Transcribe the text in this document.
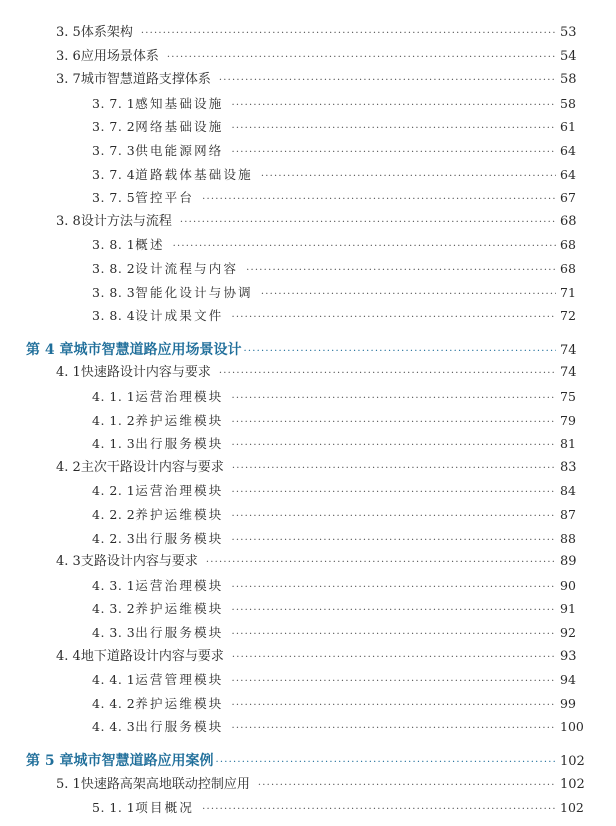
3. 5 体系架构 ·····	53
3. 6 应用场景体系 ·····	54
3. 7 城市智慧道路支撑体系 ·····	58
3. 7. 1 感知基础设施 ·····	58
3. 7. 2 网络基础设施 ·····	61
3. 7. 3 供电能源网络 ·····	64
3. 7. 4 道路载体基础设施 ·····	64
3. 7. 5 管控平台 ·····	67
3. 8 设计方法与流程 ·····	68
3. 8. 1 概述 ·····	68
3. 8. 2 设计流程与内容 ·····	68
3. 8. 3 智能化设计与协调 ·····	71
3. 8. 4 设计成果文件 ·····	72
第 4 章 城市智慧道路应用场景设计 ·····	74
4. 1 快速路设计内容与要求 ·····	74
4. 1. 1 运营治理模块 ·····	75
4. 1. 2 养护运维模块 ·····	79
4. 1. 3 出行服务模块 ·····	81
4. 2 主次干路设计内容与要求 ·····	83
4. 2. 1 运营治理模块 ·····	84
4. 2. 2 养护运维模块 ·····	87
4. 2. 3 出行服务模块 ·····	88
4. 3 支路设计内容与要求 ·····	89
4. 3. 1 运营治理模块 ·····	90
4. 3. 2 养护运维模块 ·····	91
4. 3. 3 出行服务模块 ·····	92
4. 4 地下道路设计内容与要求 ·····	93
4. 4. 1 运营管理模块 ·····	94
4. 4. 2 养护运维模块 ·····	99
4. 4. 3 出行服务模块 ·····	100
第 5 章 城市智慧道路应用案例 ·····	102
5. 1 快速路高架高地联动控制应用 ·····	102
5. 1. 1 项目概况 ·····	102
